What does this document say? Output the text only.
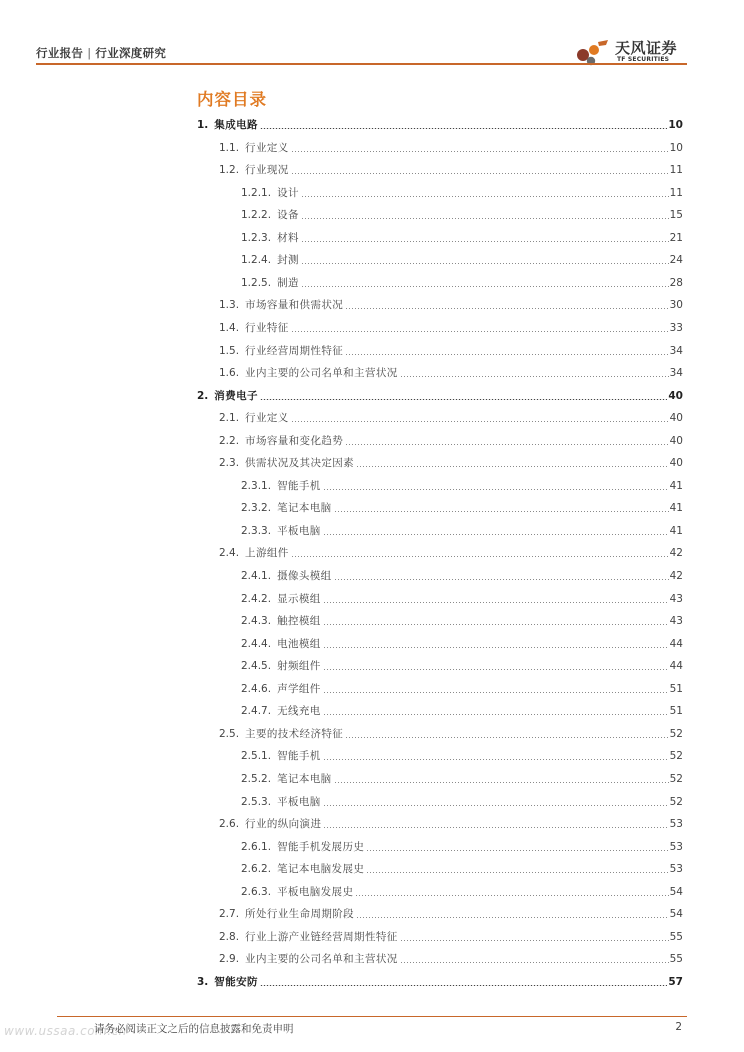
行业报告 | 行业深度研究	天风证券
TF SECURITIES
内容目录
1. 集成电路	10
1.1. 行业定义	10
1.2. 行业现况	11
1.2.1. 设计	11
1.2.2. 设备	15
1.2.3. 材料	21
1.2.4. 封测	24
1.2.5. 制造	28
1.3. 市场容量和供需状况	30
1.4. 行业特征	33
1.5. 行业经营周期性特征	34
1.6. 业内主要的公司名单和主营状况	34
2. 消费电子	40
2.1. 行业定义	40
2.2. 市场容量和变化趋势	40
2.3. 供需状况及其决定因素	40
2.3.1. 智能手机	41
2.3.2. 笔记本电脑	41
2.3.3. 平板电脑	41
2.4. 上游组件	42
2.4.1. 摄像头模组	42
2.4.2. 显示模组	43
2.4.3. 触控模组	43
2.4.4. 电池模组	44
2.4.5. 射频组件	44
2.4.6. 声学组件	51
2.4.7. 无线充电	51
2.5. 主要的技术经济特征	52
2.5.1. 智能手机	52
2.5.2. 笔记本电脑	52
2.5.3. 平板电脑	52
2.6. 行业的纵向演进	53
2.6.1. 智能手机发展历史	53
2.6.2. 笔记本电脑发展史	53
2.6.3. 平板电脑发展史	54
2.7. 所处行业生命周期阶段	54
2.8. 行业上游产业链经营周期性特征	55
2.9. 业内主要的公司名单和主营状况	55
3. 智能安防	57
www.ussaa.com.cn
请务必阅读正文之后的信息披露和免责申明	2
